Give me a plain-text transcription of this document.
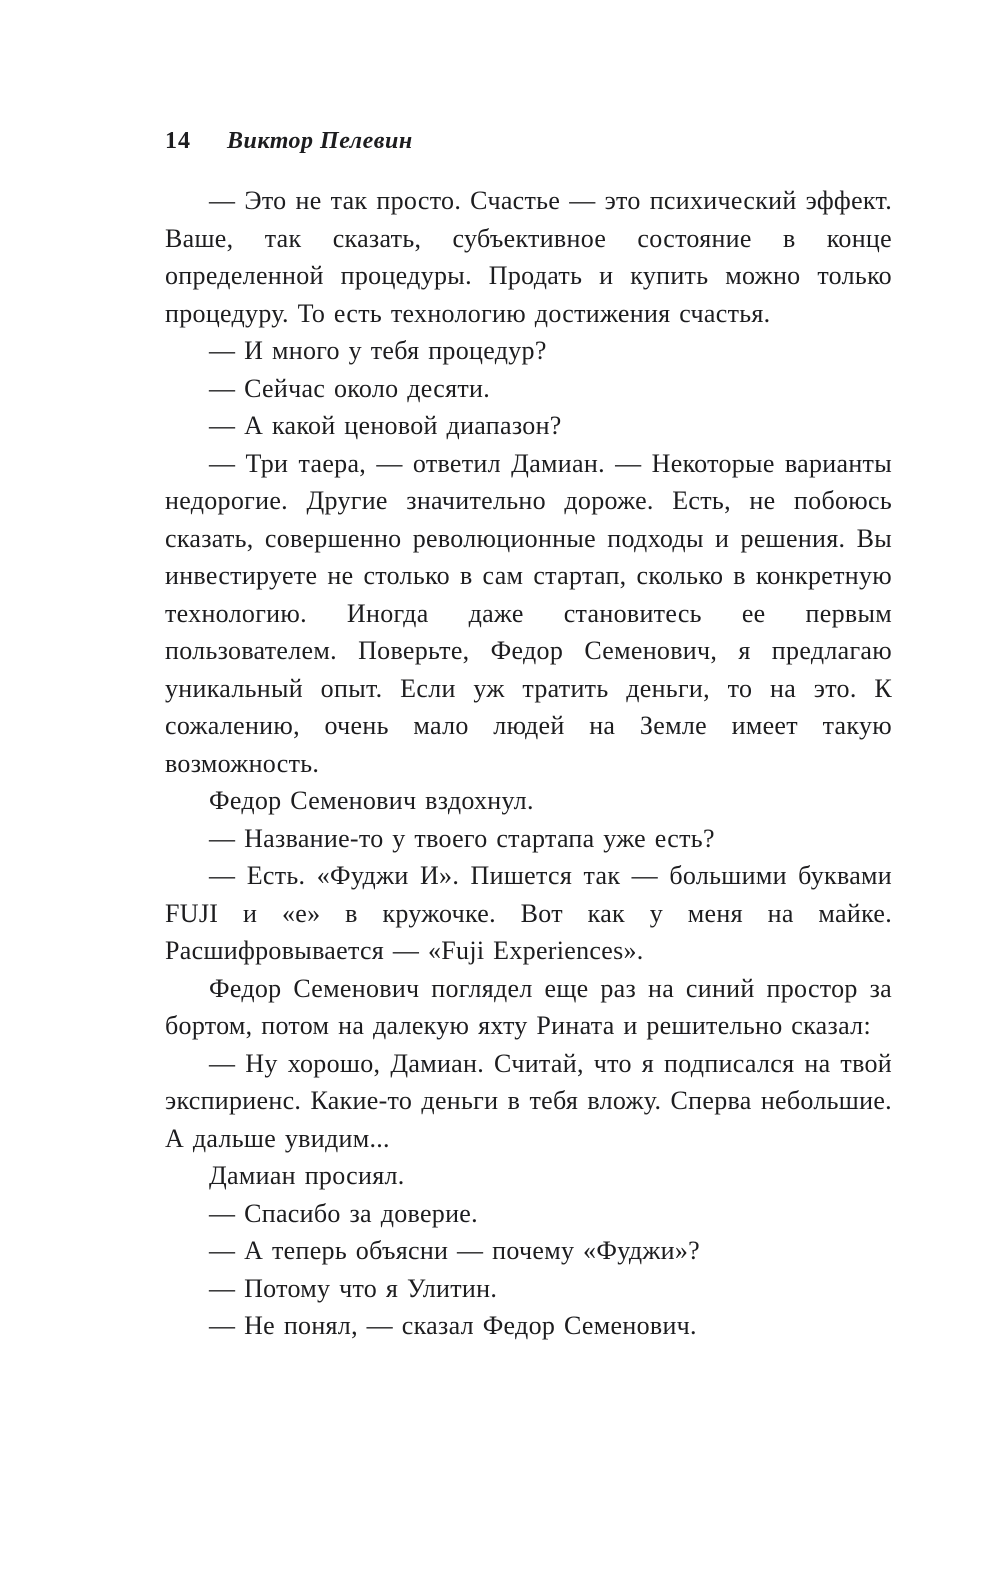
14 Виктор Пелевин

— Это не так просто. Счастье — это психический эффект. Ваше, так сказать, субъективное состояние в конце определенной процедуры. Продать и купить можно только процедуру. То есть технологию достижения счастья.

— И много у тебя процедур?

— Сейчас около десяти.

— А какой ценовой диапазон?

— Три таера, — ответил Дамиан. — Некоторые варианты недорогие. Другие значительно дороже. Есть, не побоюсь сказать, совершенно революционные подходы и решения. Вы инвестируете не столько в сам стартап, сколько в конкретную технологию. Иногда даже становитесь ее первым пользователем. Поверьте, Федор Семенович, я предлагаю уникальный опыт. Если уж тратить деньги, то на это. К сожалению, очень мало людей на Земле имеет такую возможность.

Федор Семенович вздохнул.

— Название-то у твоего стартапа уже есть?

— Есть. «Фуджи И». Пишется так — большими буквами FUJI и «е» в кружочке. Вот как у меня на майке. Расшифровывается — «Fuji Experiences».

Федор Семенович поглядел еще раз на синий простор за бортом, потом на далекую яхту Рината и решительно сказал:

— Ну хорошо, Дамиан. Считай, что я подписался на твой экспириенс. Какие-то деньги в тебя вложу. Сперва небольшие. А дальше увидим...

Дамиан просиял.

— Спасибо за доверие.

— А теперь объясни — почему «Фуджи»?

— Потому что я Улитин.

— Не понял, — сказал Федор Семенович.
